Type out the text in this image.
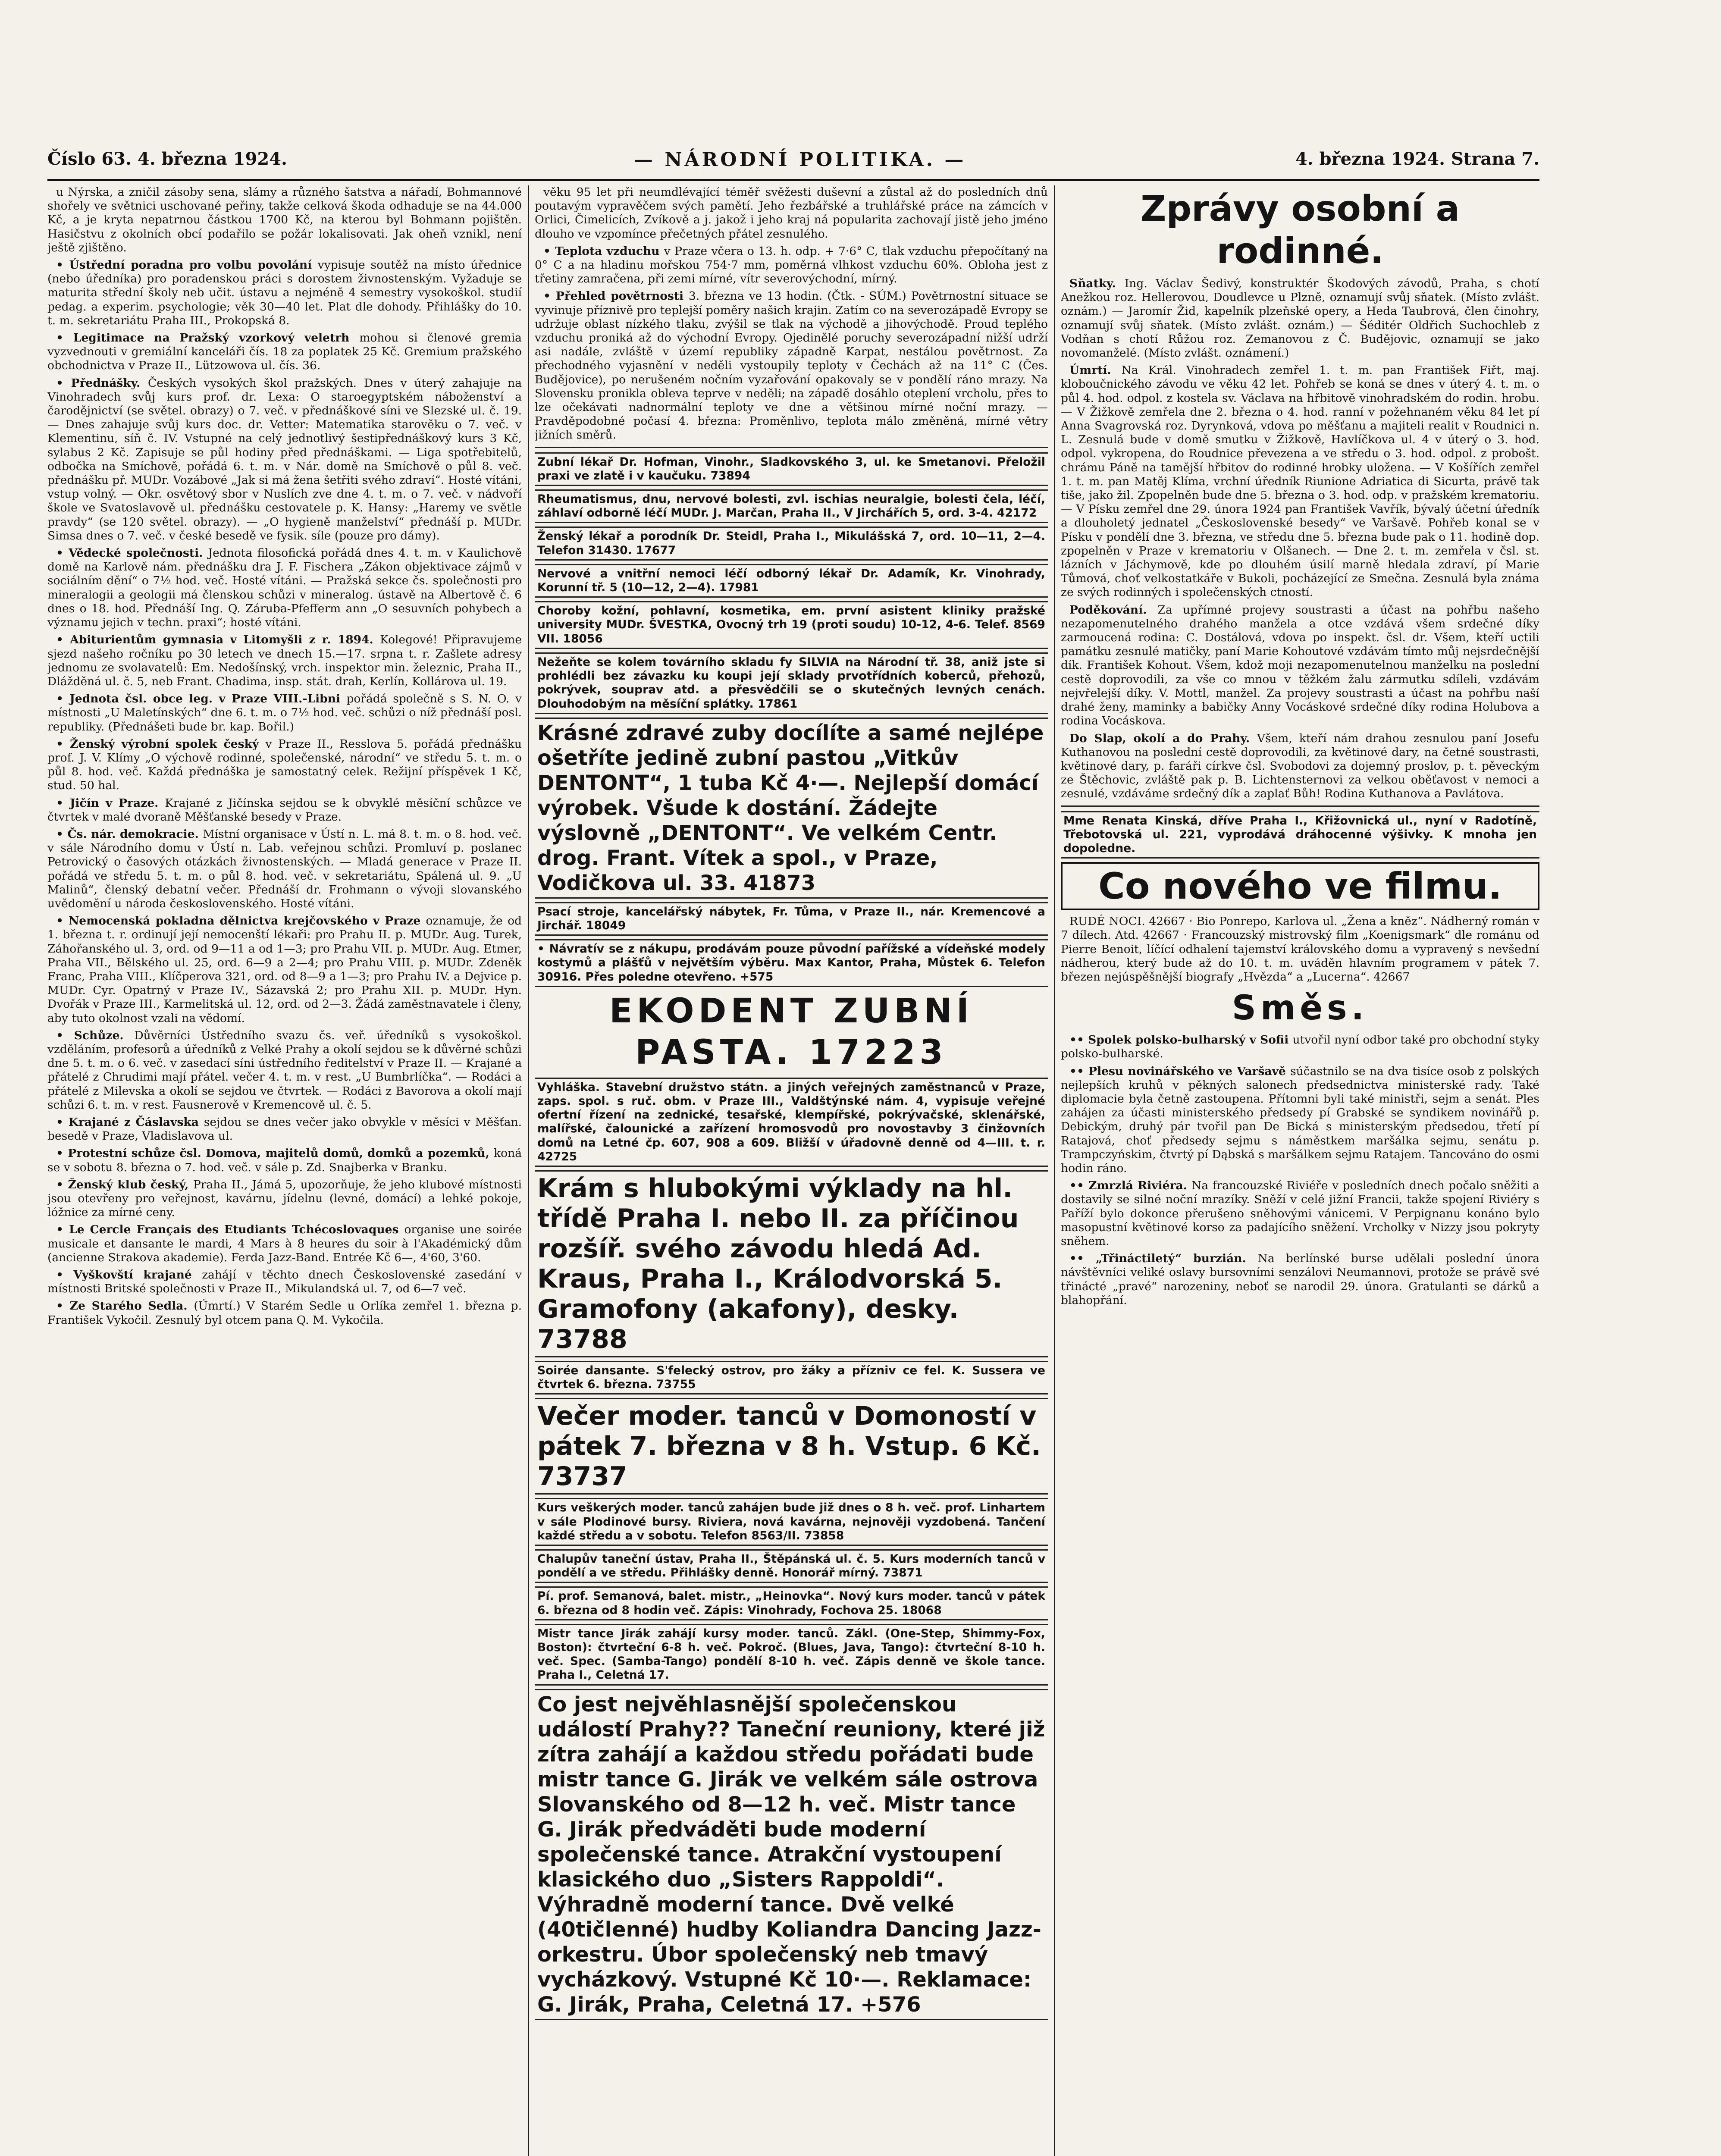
Číslo 63. 4. března 1924.	— NÁRODNÍ POLITIKA. —	4. března 1924. Strana 7.
u Nýrska, a zničil zásoby sena, slámy a různého šatstva a nářadí, Bohmannové shořely ve světnici uschované peřiny, takže celková škoda odhaduje se na 44.000 Kč, a je kryta nepatrnou částkou 1700 Kč, na kterou byl Bohmann pojištěn. Hasičstvu z okolních obcí podařilo se požár lokalisovati. Jak oheň vznikl, není ještě zjištěno.
• Ústřední poradna pro volbu povolání vypisuje soutěž na místo úřednice (nebo úředníka) pro poradenskou práci s dorostem živnostenským. Vyžaduje se maturita střední školy neb učit. ústavu a nejméně 4 semestry vysokoškol. studií pedag. a experim. psychologie; věk 30—40 let. Plat dle dohody. Přihlášky do 10. t. m. sekretariátu Praha III., Prokopská 8.
• Legitimace na Pražský vzorkový veletrh mohou si členové gremia vyzvednouti v gremiální kanceláři čís. 18 za poplatek 25 Kč. Gremium pražského obchodnictva v Praze II., Lützowova ul. čís. 36.
• Přednášky. Českých vysokých škol pražských. Dnes v úterý zahajuje na Vinohradech svůj kurs prof. dr. Lexa: O staroegyptském náboženství a čarodějnictví (se světel. obrazy) o 7. več. v přednáškové síni ve Slezské ul. č. 19. — Dnes zahajuje svůj kurs doc. dr. Vetter: Matematika starověku o 7. več. v Klementinu, síň č. IV. Vstupné na celý jednotlivý šestipřednáškový kurs 3 Kč, sylabus 2 Kč. Zapisuje se půl hodiny před přednáškami. — Liga spotřebitelů, odbočka na Smíchově, pořádá 6. t. m. v Nár. domě na Smíchově o půl 8. več. přednášku př. MUDr. Vozábové „Jak si má žena šetřiti svého zdraví“. Hosté vítáni, vstup volný. — Okr. osvětový sbor v Nuslích zve dne 4. t. m. o 7. več. v nádvoří škole ve Svatoslavově ul. přednášku cestovatele p. K. Hansy: „Haremy ve světle pravdy“ (se 120 světel. obrazy). — „O hygieně manželství“ přednáší p. MUDr. Simsa dnes o 7. več. v české besedě ve fysik. síle (pouze pro dámy).
• Vědecké společnosti. Jednota filosofická pořádá dnes 4. t. m. v Kaulichově domě na Karlově nám. přednášku dra J. F. Fischera „Zákon objektivace zájmů v sociálním dění“ o 7½ hod. več. Hosté vítáni. — Pražská sekce čs. společnosti pro mineralogii a geologii má členskou schůzi v mineralog. ústavě na Albertově č. 6 dnes o 18. hod. Přednáší Ing. Q. Záruba-Pfefferm ann „O sesuvních pohybech a významu jejich v techn. praxi“; hosté vítáni.
• Abiturientům gymnasia v Litomyšli z r. 1894. Kolegové! Připravujeme sjezd našeho ročníku po 30 letech ve dnech 15.—17. srpna t. r. Zašlete adresy jednomu ze svolavatelů: Em. Nedošínský, vrch. inspektor min. železnic, Praha II., Dlážděná ul. č. 5, neb Frant. Chadima, insp. stát. drah, Kerlín, Kollárova ul. 19.
• Jednota čsl. obce leg. v Praze VIII.-Libni pořádá společně s S. N. O. v místnosti „U Maletínských“ dne 6. t. m. o 7½ hod. več. schůzi o níž přednáší posl. republiky. (Přednášeti bude br. kap. Bořil.)
• Ženský výrobní spolek český v Praze II., Resslova 5. pořádá přednášku prof. J. V. Klímy „O výchově rodinné, společenské, národní“ ve středu 5. t. m. o půl 8. hod. več. Každá přednáška je samostatný celek. Režijní příspěvek 1 Kč, stud. 50 hal.
• Jičín v Praze. Krajané z Jičínska sejdou se k obvyklé měsíční schůzce ve čtvrtek v malé dvoraně Měšťanské besedy v Praze.
• Čs. nár. demokracie. Místní organisace v Ústí n. L. má 8. t. m. o 8. hod. več. v sále Národního domu v Ústí n. Lab. veřejnou schůzi. Promluví p. poslanec Petrovický o časových otázkách živnostenských. — Mladá generace v Praze II. pořádá ve středu 5. t. m. o půl 8. hod. več. v sekretariátu, Spálená ul. 9. „U Malinů“, členský debatní večer. Přednáší dr. Frohmann o vývoji slovanského uvědomění u národa československého. Hosté vítáni.
• Nemocenská pokladna dělnictva krejčovského v Praze oznamuje, že od 1. března t. r. ordinují její nemocenští lékaři: pro Prahu II. p. MUDr. Aug. Turek, Záhořanského ul. 3, ord. od 9—11 a od 1—3; pro Prahu VII. p. MUDr. Aug. Etmer, Praha VII., Bělského ul. 25, ord. 6—9 a 2—4; pro Prahu VIII. p. MUDr. Zdeněk Franc, Praha VIII., Klíčperova 321, ord. od 8—9 a 1—3; pro Prahu IV. a Dejvice p. MUDr. Cyr. Opatrný v Praze IV., Sázavská 2; pro Prahu XII. p. MUDr. Hyn. Dvořák v Praze III., Karmelitská ul. 12, ord. od 2—3. Žádá zaměstnavatele i členy, aby tuto okolnost vzali na vědomí.
• Schůze. Důvěrníci Ústředního svazu čs. veř. úředníků s vysokoškol. vzděláním, profesorů a úředníků z Velké Prahy a okolí sejdou se k důvěrné schůzi dne 5. t. m. o 6. več. v zasedací síni ústředního ředitelství v Praze II. — Krajané a přátelé z Chrudimi mají přátel. večer 4. t. m. v rest. „U Bumbrlíčka“. — Rodáci a přátelé z Milevska a okolí se sejdou ve čtvrtek. — Rodáci z Bavorova a okolí mají schůzi 6. t. m. v rest. Fausnerově v Kremencově ul. č. 5.
• Krajané z Čáslavska sejdou se dnes večer jako obvykle v měsíci v Měšťan. besedě v Praze, Vladislavova ul.
• Protestní schůze čsl. Domova, majitelů domů, domků a pozemků, koná se v sobotu 8. března o 7. hod. več. v sále p. Zd. Snajberka v Branku.
• Ženský klub český, Praha II., Jámá 5, upozorňuje, že jeho klubové místnosti jsou otevřeny pro veřejnost, kavárnu, jídelnu (levné, domácí) a lehké pokoje, lóžnice za mírné ceny.
• Le Cercle Français des Etudiants Tchécoslovaques organise une soirée musicale et dansante le mardi, 4 Mars à 8 heures du soir à l'Akadémický dům (ancienne Strakova akademie). Ferda Jazz-Band. Entrée Kč 6—, 4'60, 3'60.
• Vyškovští krajané zahájí v těchto dnech Československé zasedání v místnosti Britské společnosti v Praze II., Mikulandská ul. 7, od 6—7 več.
• Ze Starého Sedla. (Úmrtí.) V Starém Sedle u Orlíka zemřel 1. března p. František Vykočil. Zesnulý byl otcem pana Q. M. Vykočila.
věku 95 let při neumdlévající téměř svěžesti duševní a zůstal až do posledních dnů poutavým vypravěčem svých pamětí. Jeho řezbářské a truhlářské práce na zámcích v Orlici, Čimelicích, Zvíkově a j. jakož i jeho kraj ná popularita zachovají jistě jeho jméno dlouho ve vzpomínce přečetných přátel zesnulého.
• Teplota vzduchu v Praze včera o 13. h. odp. + 7·6° C, tlak vzduchu přepočítaný na 0° C a na hladinu mořskou 754·7 mm, poměrná vlhkost vzduchu 60%. Oblohа jest z třetiny zamračena, při zemi mírné, vítr severovýchodní, mírný.
• Přehled povětrnosti 3. března ve 13 hodin. (Čtk. - SÚM.) Povětrnostní situace se vyvinuje příznivě pro teplejší poměry našich krajin. Zatím co na severozápadě Evropy se udržuje oblast nízkého tlaku, zvýšil se tlak na východě a jihovýchodě. Proud teplého vzduchu proniká až do východní Evropy. Ojedinělé poruchy severozápadní nižší udrží asi nadále, zvláště v území republiky západně Karpat, nestálou povětrnost. Za přechodného vyjasnění v neděli vystoupily teploty v Čechách až na 11° C (Čes. Budějovice), po nerušeném nočním vyzařování opakovaly se v pondělí ráno mrazy. Na Slovensku pronikla oblevа teprve v neděli; na západě dosáhlo oteplení vrcholu, přes to lze očekávati nadnormální teploty ve dne a většinou mírné noční mrazy. — Pravděpodobné počasí 4. března: Proměnlivo, teplota málo změněná, mírné větry jižních směrů.
Zubní lékař Dr. Hofman, Vinohr., Sladkovského 3, ul. ke Smetanovi. Přeložil praxi ve zlatě i v kaučuku. 73894
Rheumatismus, dnu, nervové bolesti, zvl. ischias neuralgie, bolesti čela, léčí, záhlaví odborně léčí MUDr. J. Marčan, Praha II., V Jirchářích 5, ord. 3-4. 42172
Ženský lékař a porodník Dr. Steidl, Praha I., Mikulášská 7, ord. 10—11, 2—4. Telefon 31430. 17677
Nervové a vnitřní nemoci léčí odborný lékař Dr. Adamík, Kr. Vinohrady, Korunní tř. 5 (10—12, 2—4). 17981
Choroby kožní, pohlavní, kosmetika, em. první asistent kliniky pražské university MUDr. ŠVESTKA, Ovocný trh 19 (proti soudu) 10-12, 4-6. Telef. 8569 VII. 18056
Nežeňte se kolem továrního skladu fy SILVIA na Národní tř. 38, aniž jste si prohlédli bez závazku ku koupi její sklady prvotřídních koberců, přehozů, pokrývek, souprav atd. a přesvědčili se o skutečných levných cenách. Dlouhodobým na měsíční splátky. 17861
Krásné zdravé zuby docílíte a samé nejlépe ošetříte jedině zubní pastou „Vitkův DENTONT“, 1 tuba Kč 4·—. Nejlepší domácí výrobek. Všude k dostání. Žádejte výslovně „DENTONT“. Ve velkém Centr. drog. Frant. Vítek a spol., v Praze, Vodičkova ul. 33. 41873
Psací stroje, kancelářský nábytek, Fr. Tůma, v Praze II., nár. Kremencové a Jirchář. 18049
• Návratív se z nákupu, prodávám pouze původní pařížské a vídeňské modely kostymů a plášťů v největším výběru. Max Kantor, Praha, Můstek 6. Telefon 30916. Přes poledne otevřeno. +575
EKODENT ZUBNÍ PASTA. 17223
Vyhláška. Stavební družstvo státn. a jiných veřejných zaměstnanců v Praze, zaps. spol. s ruč. obm. v Praze III., Valdštýnské nám. 4, vypisuje veřejné ofertní řízení na zednické, tesařské, klempířské, pokrývačské, sklenářské, malířské, čalounické a zařízení hromosvodů pro novostavby 3 činžovních domů na Letné čp. 607, 908 a 609. Bližší v úřadovně denně od 4—III. t. r. 42725
Krám s hlubokými výklady na hl. třídě Praha I. nebo II. za příčinou rozšíř. svého závodu hledá Ad. Kraus, Praha I., Králodvorská 5. Gramofony (akafony), desky. 73788
Soirée dansante. S'felecký ostrov, pro žáky a přízniv ce fel. K. Sussera ve čtvrtek 6. března. 73755
Večer moder. tanců v Domoností v pátek 7. března v 8 h. Vstup. 6 Kč. 73737
Kurs veškerých moder. tanců zahájen bude již dnes o 8 h. več. prof. Linhartem v sále Plodinové bursy. Riviera, nová kavárna, nejnověji vyzdobená. Tančení každé středu a v sobotu. Telefon 8563/II. 73858
Chalupův taneční ústav, Praha II., Štěpánská ul. č. 5. Kurs moderních tanců v pondělí a ve středu. Přihlášky denně. Honorář mírný. 73871
Pí. prof. Semanová, balet. mistr., „Heinovka“. Nový kurs moder. tanců v pátek 6. března od 8 hodin več. Zápis: Vinohrady, Fochova 25. 18068
Mistr tance Jirák zahájí kursy moder. tanců. Zákl. (One-Step, Shimmy-Fox, Boston): čtvrteční 6-8 h. več. Pokroč. (Blues, Java, Tango): čtvrteční 8-10 h. več. Spec. (Samba-Tango) pondělí 8-10 h. več. Zápis denně ve škole tance. Praha I., Celetná 17.
Co jest nejvěhlasnější společenskou událostí Prahy?? Taneční reuniony, které již zítra zahájí a každou středu pořádati bude mistr tance G. Jirák ve velkém sále ostrova Slovanského od 8—12 h. več. Mistr tance G. Jirák předváděti bude moderní společenské tance. Atrakční vystoupení klasického duo „Sisters Rappoldi“. Výhradně moderní tance. Dvě velké (40tičlenné) hudby Koliandra Dancing Jazz-orkestru. Úbor společenský neb tmavý vycházkový. Vstupné Kč 10·—. Reklamace: G. Jirák, Praha, Celetná 17. +576
Zprávy osobní a rodinné.
Sňatky. Ing. Václav Šedivý, konstruktér Škodových závodů, Praha, s chotí Anežkou roz. Hellerovou, Doudlevce u Plzně, oznamují svůj sňatek. (Místo zvlášt. oznám.) — Jaromír Žid, kapelník plzeňské opery, a Heda Taubrová, člen činohry, oznamují svůj sňatek. (Místo zvlášt. oznám.) — Šéditér Oldřich Suchochleb z Vodňan s chotí Růžou roz. Zemanovou z Č. Budějovic, oznamují se jako novomanželé. (Místo zvlášt. oznámení.)
Úmrtí. Na Král. Vinohradech zemřel 1. t. m. pan František Fiřt, maj. kloboučnického závodu ve věku 42 let. Pohřeb se koná se dnes v úterý 4. t. m. o půl 4. hod. odpol. z kostela sv. Václava na hřbitově vinohradském do rodin. hrobu. — V Žižkově zemřela dne 2. března o 4. hod. ranní v požehnaném věku 84 let pí Anna Svagrovská roz. Dyrynková, vdova po měšťanu a majiteli realit v Roudnici n. L. Zesnulá bude v domě smutku v Žižkově, Havlíčkova ul. 4 v úterý o 3. hod. odpol. vykropena, do Roudnice převezena a ve středu o 3. hod. odpol. z probošt. chrámu Páně na tamější hřbitov do rodinné hrobky uložena. — V Košířích zemřel 1. t. m. pan Matěj Klíma, vrchní úředník Riunione Adriatica di Sicurta, právě tak tiše, jako žil. Zpopelněn bude dne 5. března o 3. hod. odp. v pražském krematoriu. — V Písku zemřel dne 29. února 1924 pan František Vavřík, bývalý účetní úředník a dlouholetý jednatel „Československé besedy“ ve Varšavě. Pohřeb konal se v Písku v pondělí dne 3. března, ve středu dne 5. března bude pak o 11. hodině dop. zpopelněn v Praze v krematoriu v Olšanech. — Dne 2. t. m. zemřela v čsl. st. lázních v Jáchymově, kde po dlouhém úsilí marně hledala zdraví, pí Marie Tůmová, choť velkostatkáře v Bukoli, pocházející ze Smečna. Zesnulá byla známa ze svých rodinných i společenských ctností.
Poděkování. Za upřímné projevy soustrasti a účast na pohřbu našeho nezapomenutelného drahého manžela a otce vzdává všem srdečné díky zarmoucená rodina: C. Dostálová, vdova po inspekt. čsl. dr. Všem, kteří uctili památku zesnulé matičky, paní Marie Kohoutové vzdávám tímto můj nejsrdečnější dík. František Kohout. Všem, kdož moji nezapomenutelnou manželku na poslední cestě doprovodili, za vše co mnou v těžkém žalu zármutku sdíleli, vzdávám nejvřelejší díky. V. Mottl, manžel. Za projevy soustrasti a účast na pohřbu naší drahé ženy, maminky a babičky Anny Vocáskové srdečné díky rodina Holubova a rodina Vocáskova.
Do Slap, okolí a do Prahy. Všem, kteří nám drahou zesnulou paní Josefu Kuthanovou na poslední cestě doprovodili, za květinové dary, na četné soustrasti, květinové dary, p. faráři církve čsl. Svobodovi za dojemný proslov, p. t. pěveckým ze Štěchovic, zvláště pak p. B. Lichtensternovi za velkou oběťavost v nemoci a zesnulé, vzdáváme srdečný dík a zaplať Bůh! Rodina Kuthanova a Pavlátova.
Mme Renata Kinská, dříve Praha I., Křižovnická ul., nyní v Radotíně, Třebotovská ul. 221, vyprodává dráhocenné výšivky. K mnoha jen dopoledne.
Co nového ve filmu.
RUDÉ NOCI. 42667 · Bio Ponrepo, Karlova ul. „Žena a kněz“. Nádherný román v 7 dílech. Atd. 42667 · Francouzský mistrovský film „Koenigsmark“ dle románu od Pierre Benoit, líčící odhalení tajemství královského domu a vypravený s nevšední nádherou, který bude až do 10. t. m. uváděn hlavním programem v pátek 7. březen nejúspěšnější biografy „Hvězda“ a „Lucerna“. 42667
Směs.
•• Spolek polsko-bulharský v Sofii utvořil nyní odbor také pro obchodní styky polsko-bulharské.
•• Plesu novinářského ve Varšavě súčastnilo se na dva tisíce osob z polských nejlepších kruhů v pěkných salonech předsednictva ministerské rady. Také diplomacie byla četně zastoupena. Přítomni byli také ministři, sejm a senát. Ples zahájen za účasti ministerského předsedy pí Grabské se syndikem novinářů p. Debickým, druhý pár tvořil pan De Bická s ministerským předsedou, třetí pí Ratajová, choť předsedy sejmu s náměstkem maršálka sejmu, senátu p. Trampczyńskim, čtvrtý pí Dąbská s maršálkem sejmu Ratajem. Tancováno do osmi hodin ráno.
•• Zmrzlá Riviéra. Na francouzské Riviéře v posledních dnech počalo sněžiti a dostavily se silné noční mrazíky. Sněží v celé jižní Francii, takže spojení Riviéry s Paříží bylo dokonce přerušeno sněhovými vánicemi. V Perpignanu konáno bylo masopustní květinové korso za padajícího sněžení. Vrcholky v Nizzy jsou pokryty sněhem.
•• „Třináctiletý“ burzián. Na berlínské burse udělali poslední února návštěvníci veliké oslavy bursovními senzálovi Neumannovi, protože se právě své třinácté „pravé“ narozeniny, neboť se narodil 29. února. Gratulanti se dárků a blahopřání.
